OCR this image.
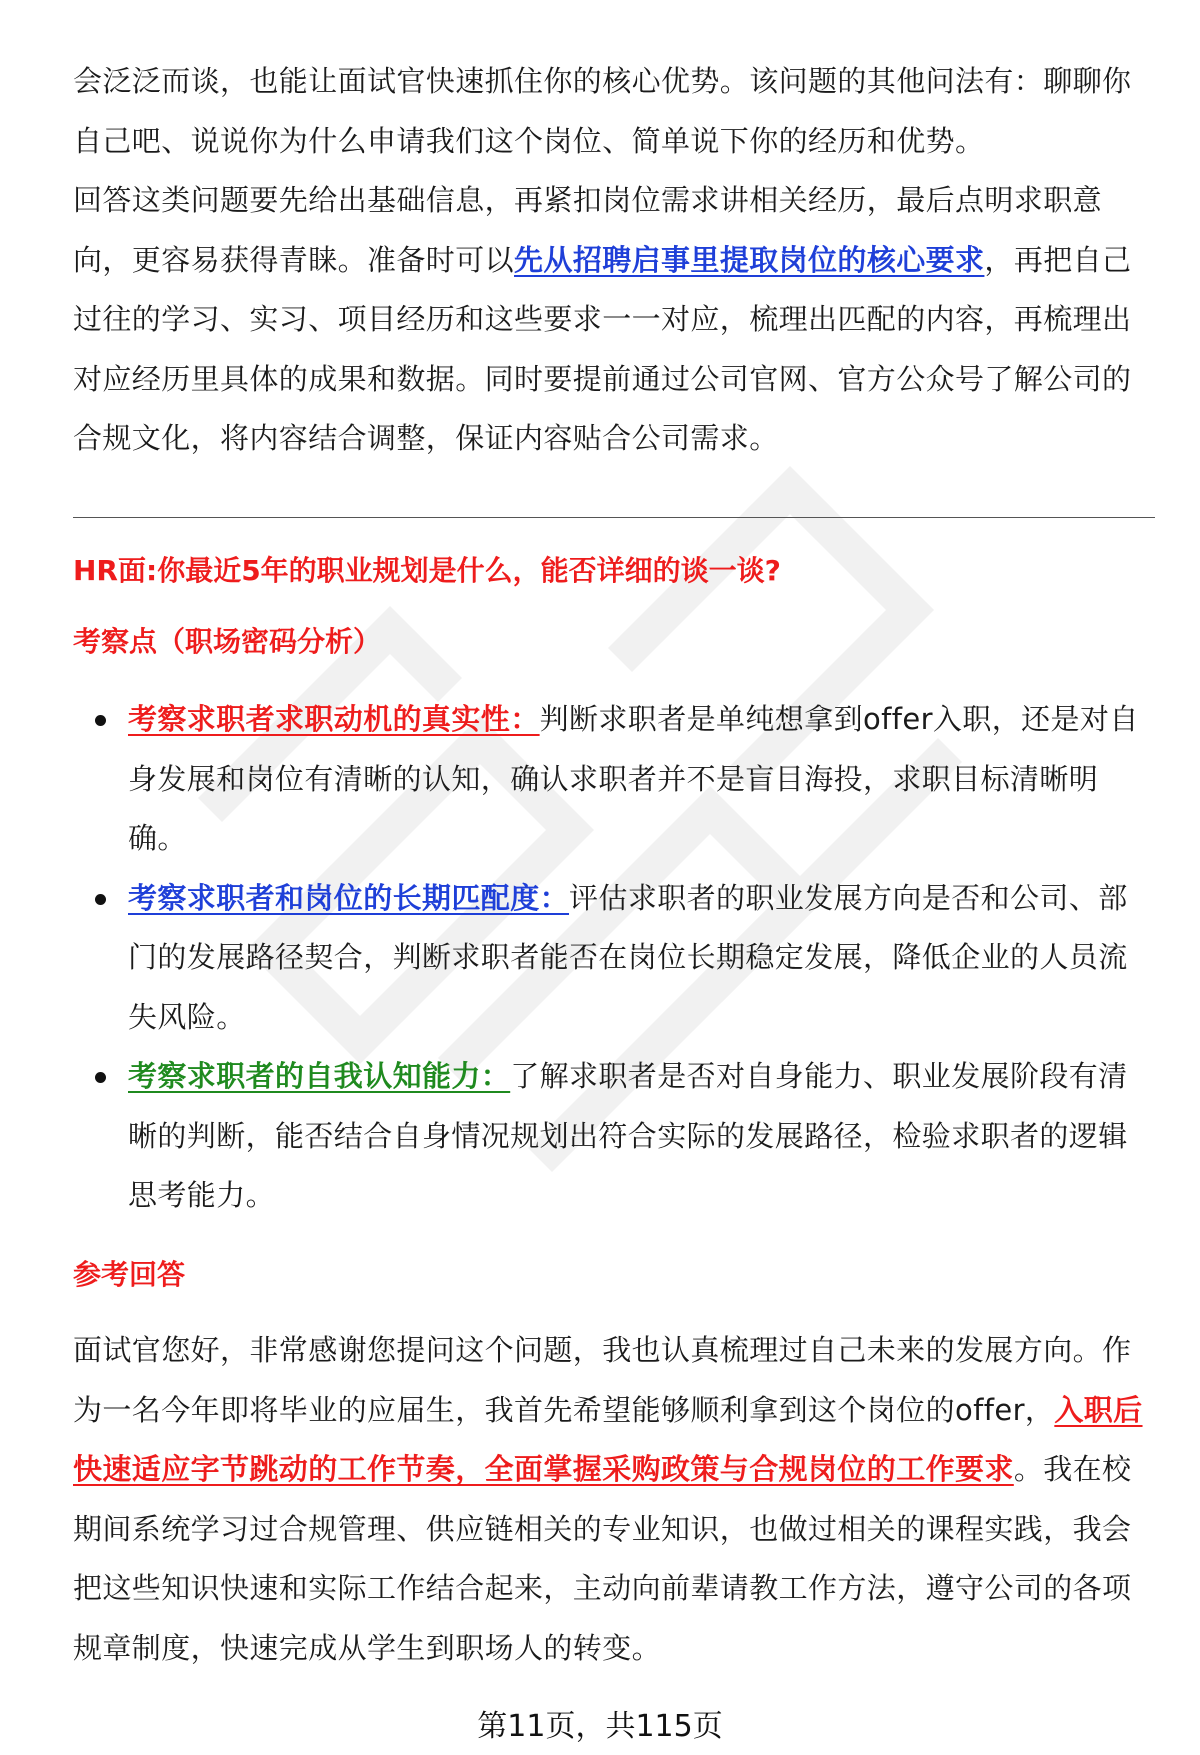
会泛泛而谈，也能让面试官快速抓住你的核心优势。该问题的其他问法有：聊聊你自己吧、说说你为什么申请我们这个岗位、简单说下你的经历和优势。

回答这类问题要先给出基础信息，再紧扣岗位需求讲相关经历，最后点明求职意向，更容易获得青睐。准备时可以先从招聘启事里提取岗位的核心要求，再把自己过往的学习、实习、项目经历和这些要求一一对应，梳理出匹配的内容，再梳理出对应经历里具体的成果和数据。同时要提前通过公司官网、官方公众号了解公司的合规文化，将内容结合调整，保证内容贴合公司需求。

HR面:你最近5年的职业规划是什么，能否详细的谈一谈?
考察点（职场密码分析）
考察求职者求职动机的真实性：判断求职者是单纯想拿到offer入职，还是对自身发展和岗位有清晰的认知，确认求职者并不是盲目海投，求职目标清晰明确。
考察求职者和岗位的长期匹配度：评估求职者的职业发展方向是否和公司、部门的发展路径契合，判断求职者能否在岗位长期稳定发展，降低企业的人员流失风险。
考察求职者的自我认知能力：了解求职者是否对自身能力、职业发展阶段有清晰的判断，能否结合自身情况规划出符合实际的发展路径，检验求职者的逻辑思考能力。
参考回答

面试官您好，非常感谢您提问这个问题，我也认真梳理过自己未来的发展方向。作为一名今年即将毕业的应届生，我首先希望能够顺利拿到这个岗位的offer，入职后快速适应字节跳动的工作节奏，全面掌握采购政策与合规岗位的工作要求。我在校期间系统学习过合规管理、供应链相关的专业知识，也做过相关的课程实践，我会把这些知识快速和实际工作结合起来，主动向前辈请教工作方法，遵守公司的各项规章制度，快速完成从学生到职场人的转变。

第11页，共115页
